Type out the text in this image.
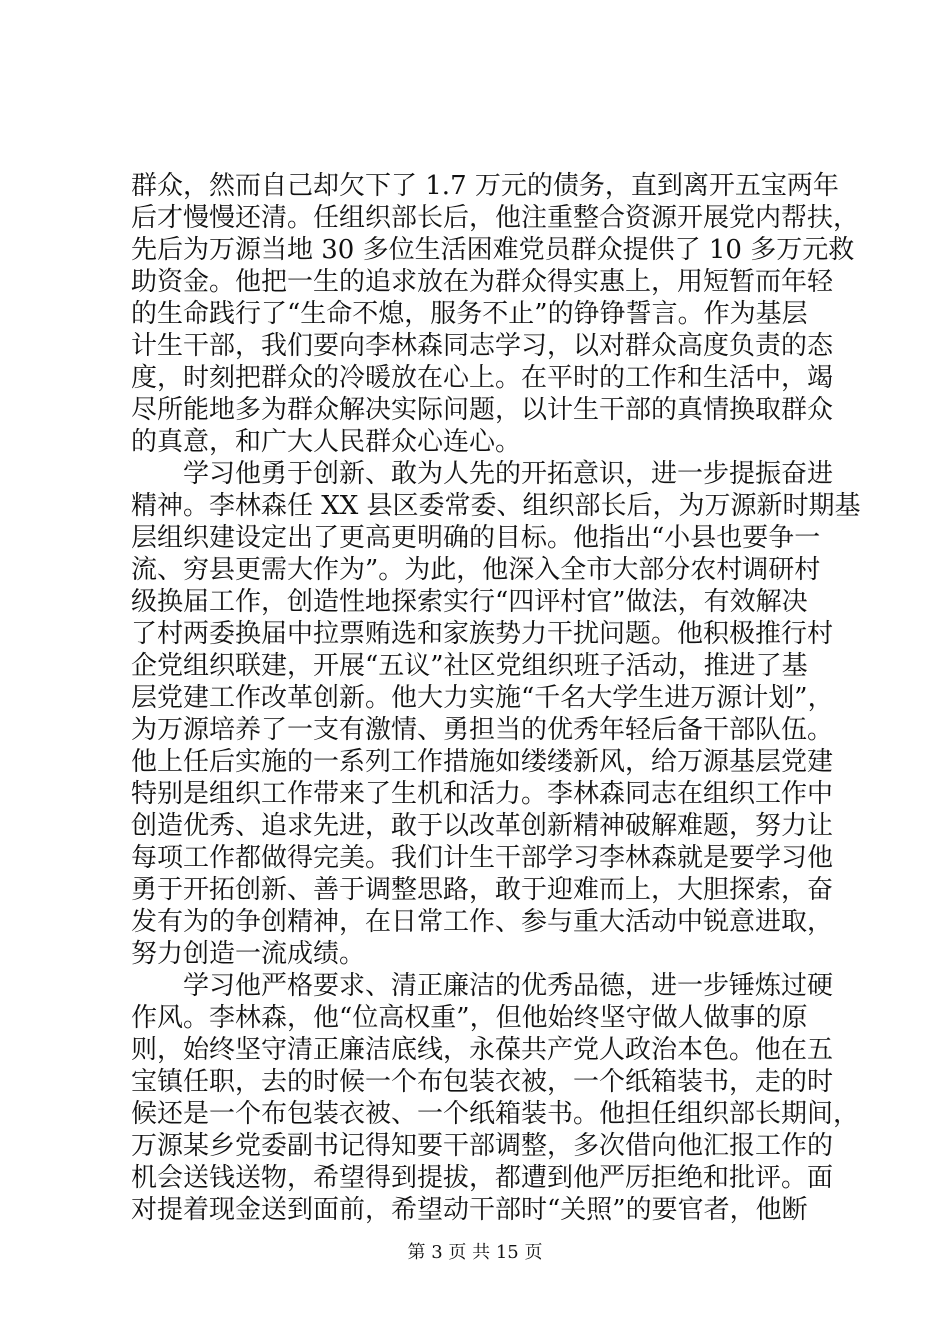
群众，然而自己却欠下了 1.7 万元的债务，直到离开五宝两年
后才慢慢还清。任组织部长后，他注重整合资源开展党内帮扶，
先后为万源当地 30 多位生活困难党员群众提供了 10 多万元救
助资金。他把一生的追求放在为群众得实惠上，用短暂而年轻
的生命践行了“生命不熄，服务不止”的铮铮誓言。作为基层
计生干部，我们要向李林森同志学习，以对群众高度负责的态
度，时刻把群众的冷暖放在心上。在平时的工作和生活中，竭
尽所能地多为群众解决实际问题，以计生干部的真情换取群众
的真意，和广大人民群众心连心。
学习他勇于创新、敢为人先的开拓意识，进一步提振奋进
精神。李林森任 XX 县区委常委、组织部长后，为万源新时期基
层组织建设定出了更高更明确的目标。他指出“小县也要争一
流、穷县更需大作为”。为此，他深入全市大部分农村调研村
级换届工作，创造性地探索实行“四评村官”做法，有效解决
了村两委换届中拉票贿选和家族势力干扰问题。他积极推行村
企党组织联建，开展“五议”社区党组织班子活动，推进了基
层党建工作改革创新。他大力实施“千名大学生进万源计划”，
为万源培养了一支有激情、勇担当的优秀年轻后备干部队伍。
他上任后实施的一系列工作措施如缕缕新风，给万源基层党建
特别是组织工作带来了生机和活力。李林森同志在组织工作中
创造优秀、追求先进，敢于以改革创新精神破解难题，努力让
每项工作都做得完美。我们计生干部学习李林森就是要学习他
勇于开拓创新、善于调整思路，敢于迎难而上，大胆探索，奋
发有为的争创精神，在日常工作、参与重大活动中锐意进取，
努力创造一流成绩。
学习他严格要求、清正廉洁的优秀品德，进一步锤炼过硬
作风。李林森，他“位高权重”，但他始终坚守做人做事的原
则，始终坚守清正廉洁底线，永葆共产党人政治本色。他在五
宝镇任职，去的时候一个布包装衣被，一个纸箱装书，走的时
候还是一个布包装衣被、一个纸箱装书。他担任组织部长期间，
万源某乡党委副书记得知要干部调整，多次借向他汇报工作的
机会送钱送物，希望得到提拔，都遭到他严厉拒绝和批评。面
对提着现金送到面前，希望动干部时“关照”的要官者，他断
第 3 页 共 15 页
